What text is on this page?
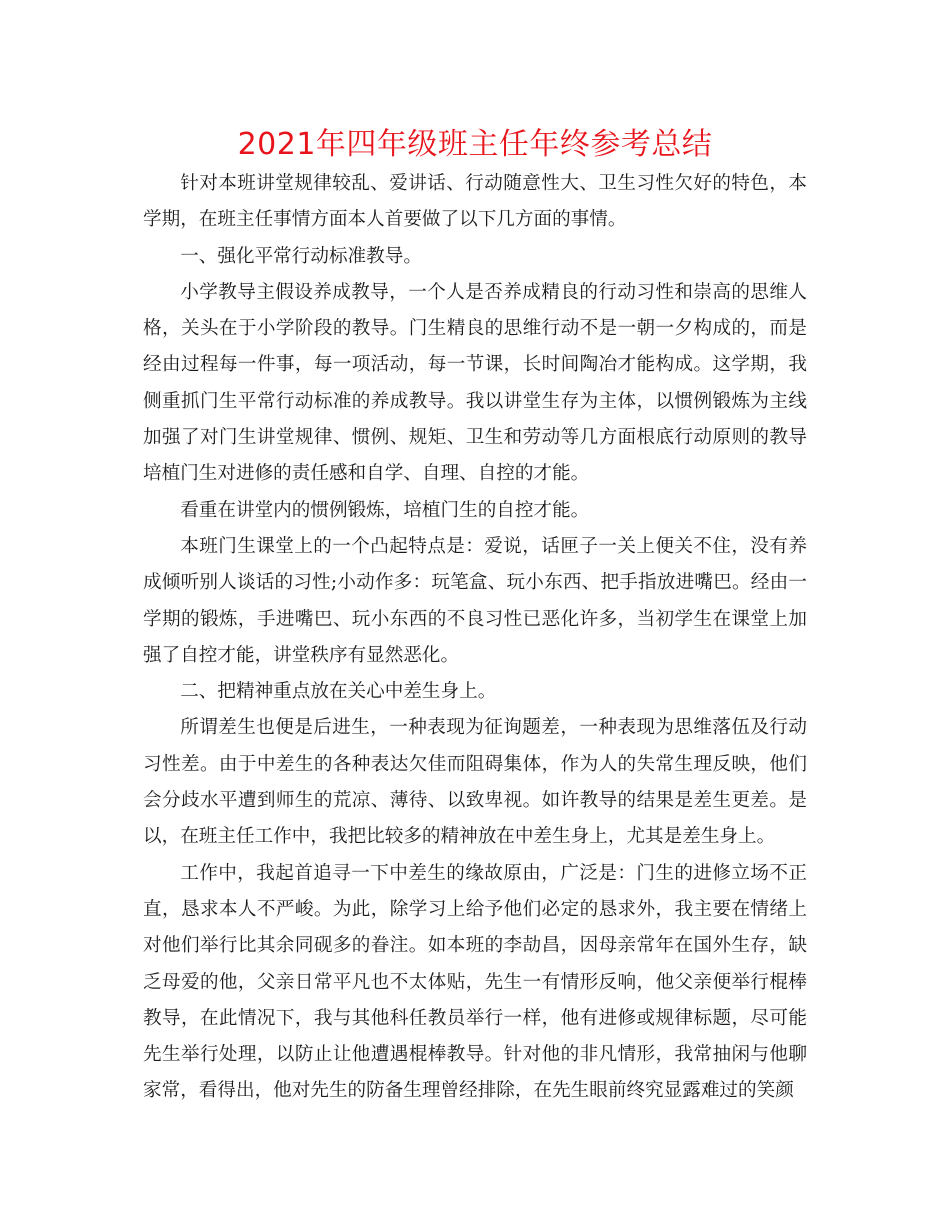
2021年四年级班主任年终参考总结

针对本班讲堂规律较乱、爱讲话、行动随意性大、卫生习性欠好的特色，本学期，在班主任事情方面本人首要做了以下几方面的事情。

一、强化平常行动标准教导。

小学教导主假设养成教导，一个人是否养成精良的行动习性和崇高的思维人格，关头在于小学阶段的教导。门生精良的思维行动不是一朝一夕构成的，而是经由过程每一件事，每一项活动，每一节课，长时间陶冶才能构成。这学期，我侧重抓门生平常行动标准的养成教导。我以讲堂生存为主体，以惯例锻炼为主线加强了对门生讲堂规律、惯例、规矩、卫生和劳动等几方面根底行动原则的教导培植门生对进修的责任感和自学、自理、自控的才能。

看重在讲堂内的惯例锻炼，培植门生的自控才能。

本班门生课堂上的一个凸起特点是：爱说，话匣子一关上便关不住，没有养成倾听别人谈话的习性;小动作多：玩笔盒、玩小东西、把手指放进嘴巴。经由一学期的锻炼，手进嘴巴、玩小东西的不良习性已恶化许多，当初学生在课堂上加强了自控才能，讲堂秩序有显然恶化。

二、把精神重点放在关心中差生身上。

所谓差生也便是后进生，一种表现为征询题差，一种表现为思维落伍及行动习性差。由于中差生的各种表达欠佳而阻碍集体，作为人的失常生理反映，他们会分歧水平遭到师生的荒凉、薄待、以致卑视。如许教导的结果是差生更差。是以，在班主任工作中，我把比较多的精神放在中差生身上，尤其是差生身上。

工作中，我起首追寻一下中差生的缘故原由，广泛是：门生的进修立场不正直，恳求本人不严峻。为此，除学习上给予他们必定的恳求外，我主要在情绪上对他们举行比其余同砚多的眷注。如本班的李劼昌，因母亲常年在国外生存，缺乏母爱的他，父亲日常平凡也不太体贴，先生一有情形反响，他父亲便举行棍棒教导，在此情况下，我与其他科任教员举行一样，他有进修或规律标题，尽可能先生举行处理，以防止让他遭遇棍棒教导。针对他的非凡情形，我常抽闲与他聊家常，看得出，他对先生的防备生理曾经排除，在先生眼前终究显露难过的笑颜
